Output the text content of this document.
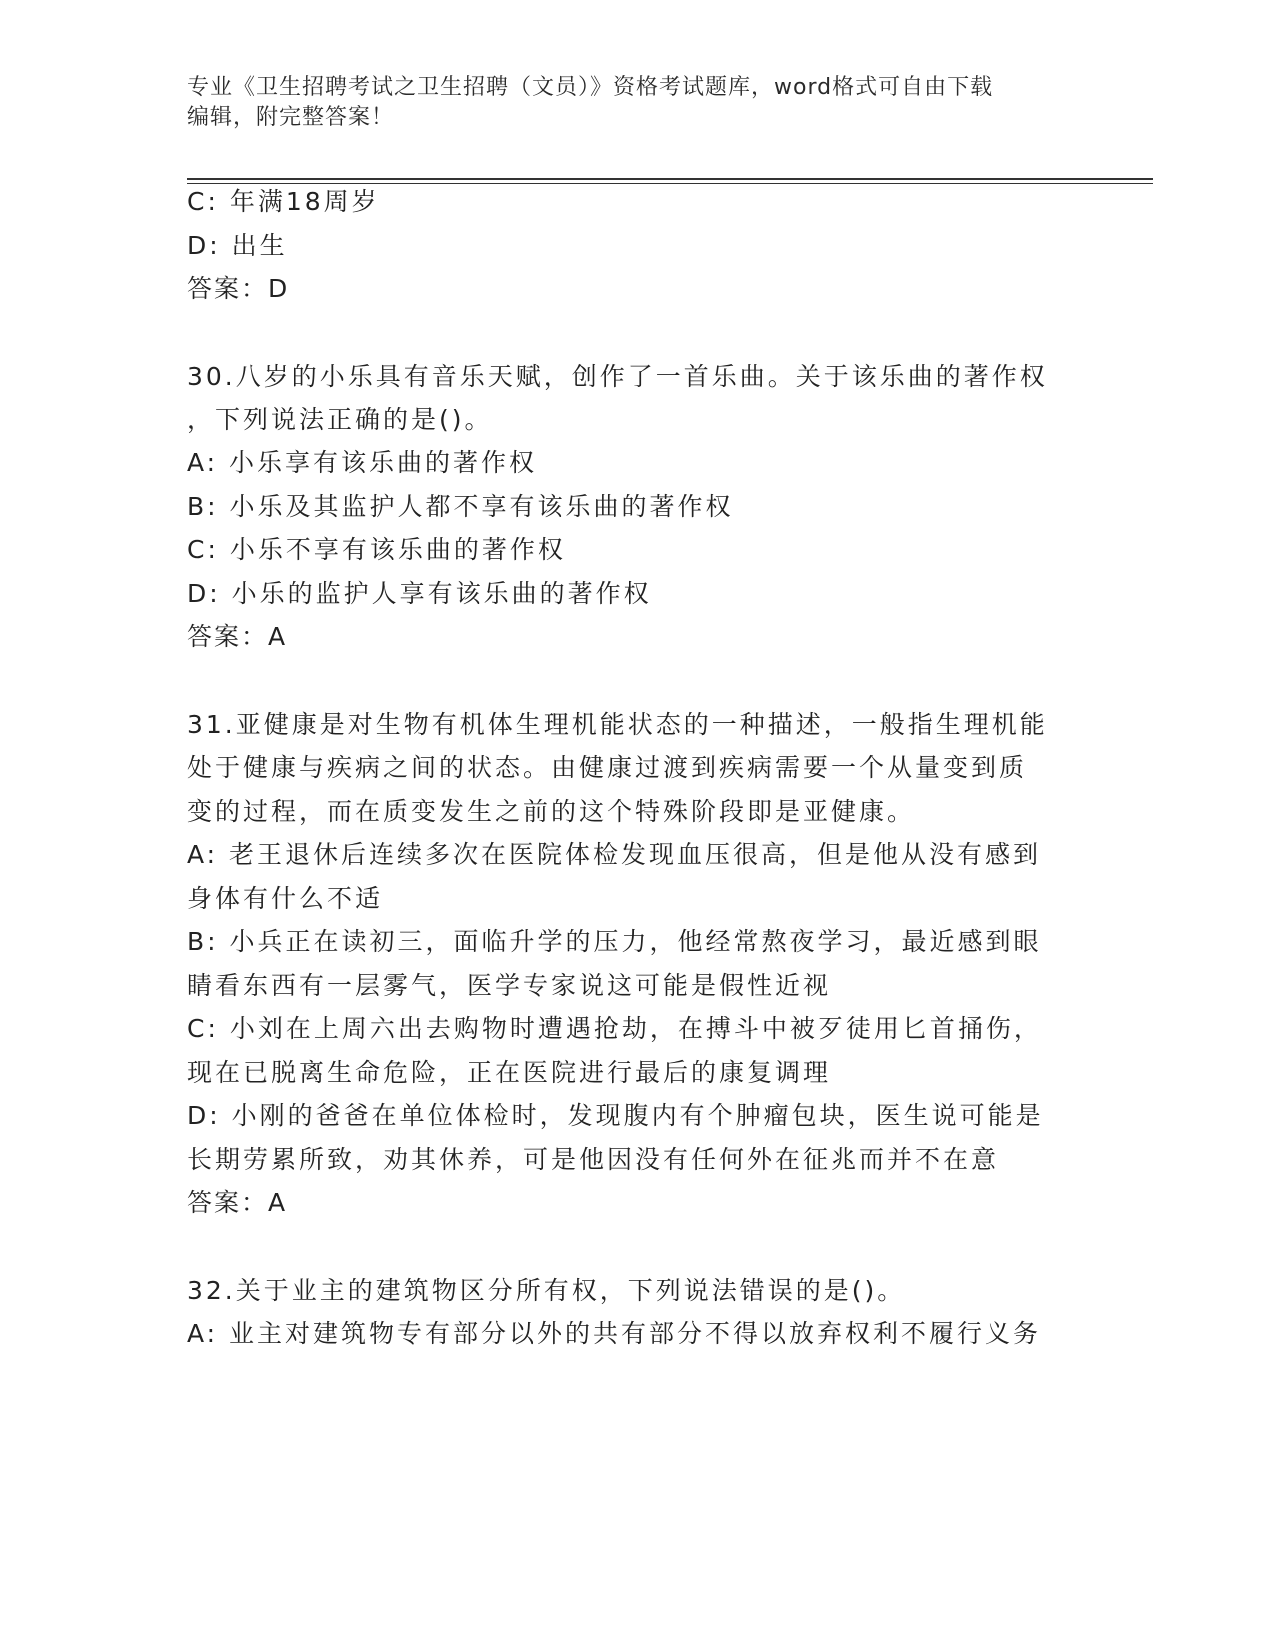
专业《卫生招聘考试之卫生招聘（文员）》资格考试题库，word格式可自由下载
编辑，附完整答案！
C: 年满18周岁
D: 出生
答案：D
30.八岁的小乐具有音乐天赋，创作了一首乐曲。关于该乐曲的著作权
，下列说法正确的是()。
A: 小乐享有该乐曲的著作权
B: 小乐及其监护人都不享有该乐曲的著作权
C: 小乐不享有该乐曲的著作权
D: 小乐的监护人享有该乐曲的著作权
答案：A
31.亚健康是对生物有机体生理机能状态的一种描述，一般指生理机能
处于健康与疾病之间的状态。由健康过渡到疾病需要一个从量变到质
变的过程，而在质变发生之前的这个特殊阶段即是亚健康。
A: 老王退休后连续多次在医院体检发现血压很高，但是他从没有感到
身体有什么不适
B: 小兵正在读初三，面临升学的压力，他经常熬夜学习，最近感到眼
睛看东西有一层雾气，医学专家说这可能是假性近视
C: 小刘在上周六出去购物时遭遇抢劫，在搏斗中被歹徒用匕首捅伤，
现在已脱离生命危险，正在医院进行最后的康复调理
D: 小刚的爸爸在单位体检时，发现腹内有个肿瘤包块，医生说可能是
长期劳累所致，劝其休养，可是他因没有任何外在征兆而并不在意
答案：A
32.关于业主的建筑物区分所有权，下列说法错误的是()。
A: 业主对建筑物专有部分以外的共有部分不得以放弃权利不履行义务
